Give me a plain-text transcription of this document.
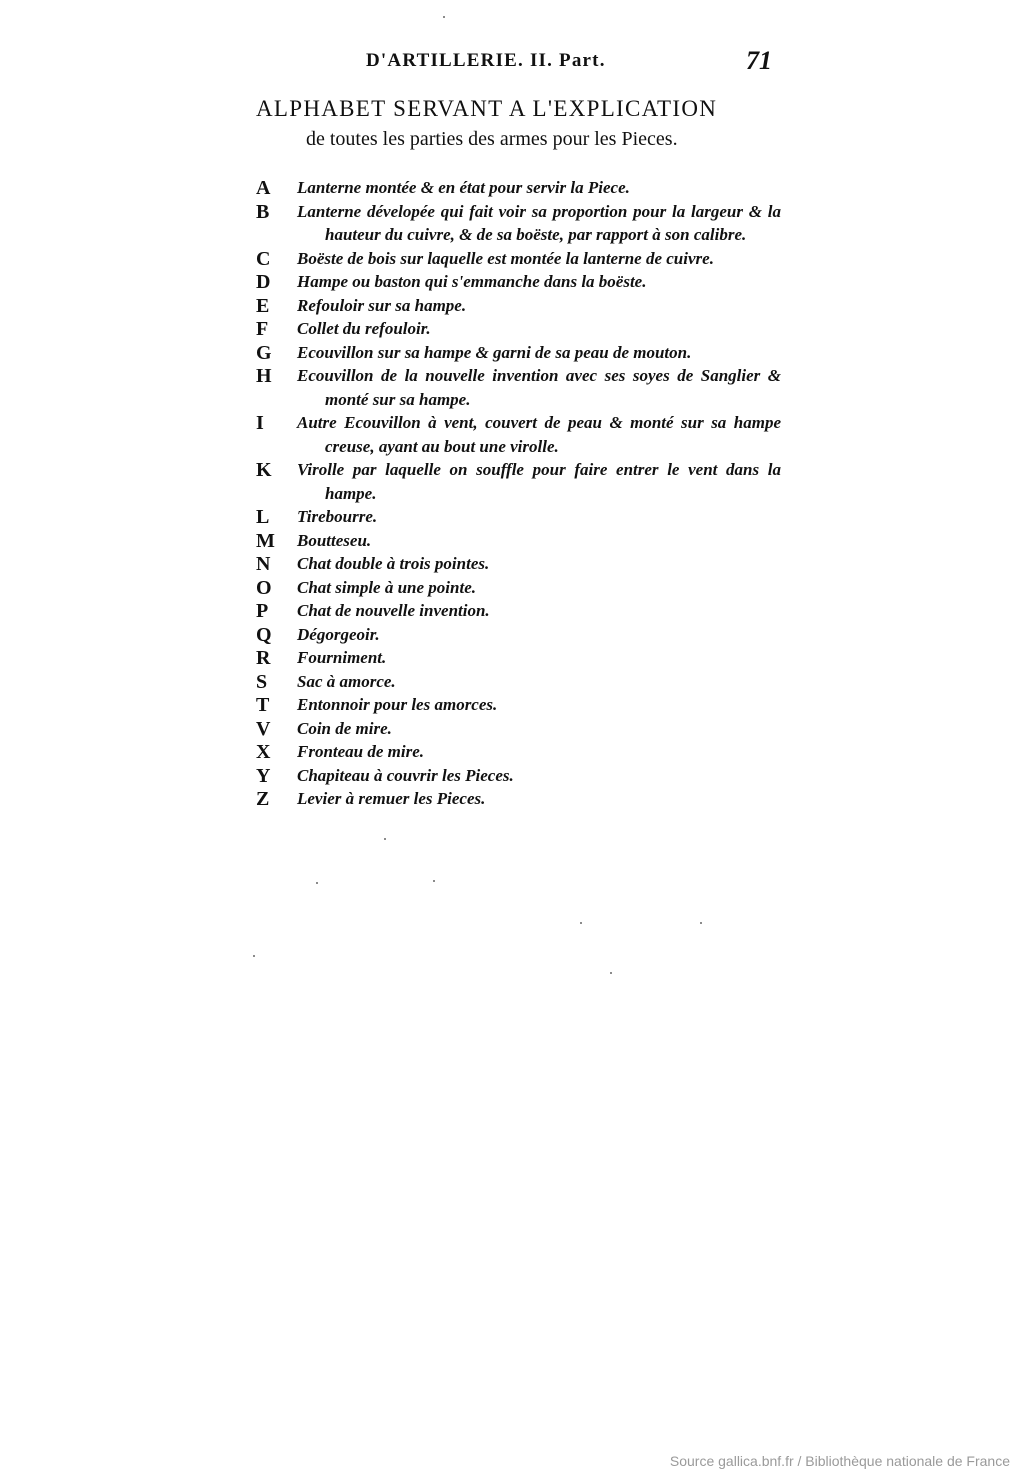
D'ARTILLERIE. II. Part.	71
ALPHABET SERVANT A L'EXPLICATION
de toutes les parties des armes pour les Pieces.
A	Lanterne montée & en état pour servir la Piece.
B	Lanterne dévelopée qui fait voir sa proportion pour la largeur & la hauteur du cuivre, & de sa boëste, par rapport à son calibre.
C	Boëste de bois sur laquelle est montée la lanterne de cuivre.
D	Hampe ou baston qui s'emmanche dans la boëste.
E	Refouloir sur sa hampe.
F	Collet du refouloir.
G	Ecouvillon sur sa hampe & garni de sa peau de mouton.
H	Ecouvillon de la nouvelle invention avec ses soyes de Sanglier & monté sur sa hampe.
I	Autre Ecouvillon à vent, couvert de peau & monté sur sa hampe creuse, ayant au bout une virolle.
K	Virolle par laquelle on souffle pour faire entrer le vent dans la hampe.
L	Tirebourre.
M	Boutteseu.
N	Chat double à trois pointes.
O	Chat simple à une pointe.
P	Chat de nouvelle invention.
Q	Dégorgeoir.
R	Fourniment.
S	Sac à amorce.
T	Entonnoir pour les amorces.
V	Coin de mire.
X	Fronteau de mire.
Y	Chapiteau à couvrir les Pieces.
Z	Levier à remuer les Pieces.
Source gallica.bnf.fr / Bibliothèque nationale de France
